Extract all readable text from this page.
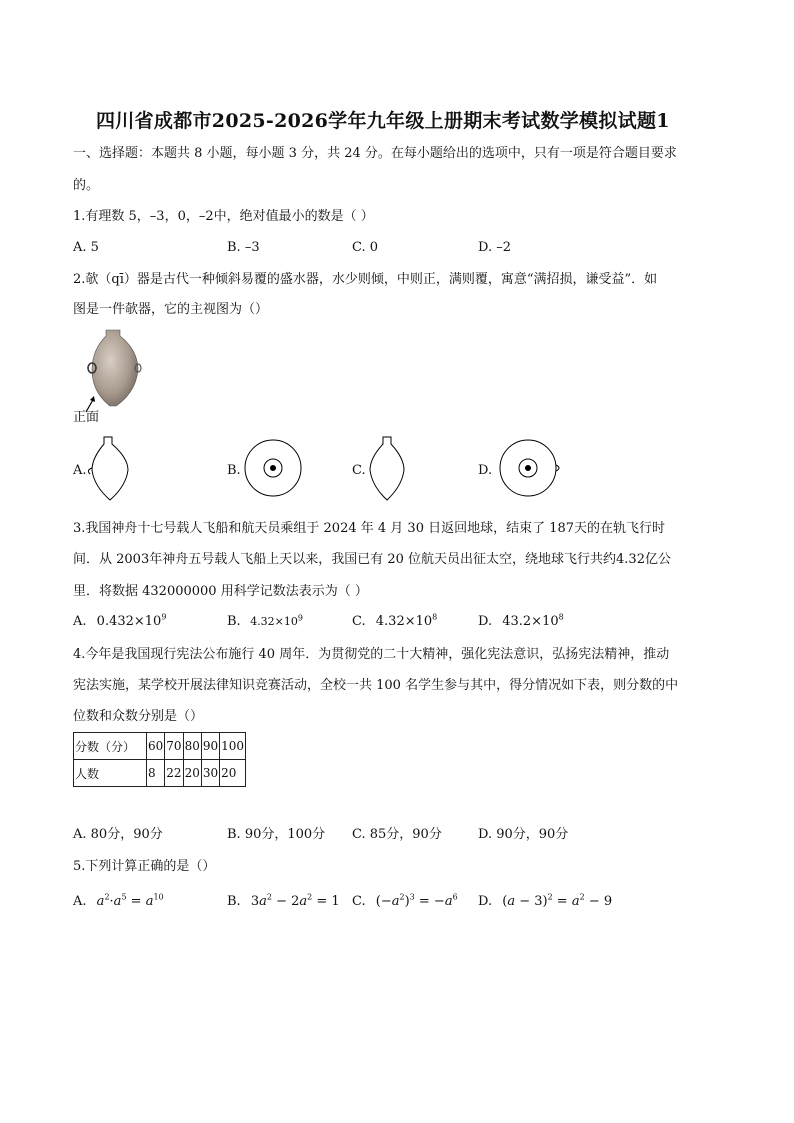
四川省成都市2025-2026学年九年级上册期末考试数学模拟试题1
一、选择题：本题共 8 小题，每小题 3 分，共 24 分。在每小题给出的选项中，只有一项是符合题目要求
的。
1.有理数 5，–3，0，–2中，绝对值最小的数是（ ）
A. 5	B. –3	C. 0	D. –2
2.欹（qī）器是古代一种倾斜易覆的盛水器，水少则倾，中则正，满则覆，寓意“满招损，谦受益”．如
图是一件欹器，它的主视图为（）
正面
A.	B.	C.	D.
3.我国神舟十七号载人飞船和航天员乘组于 2024 年 4 月 30 日返回地球，结束了 187天的在轨飞行时
间．从 2003年神舟五号载人飞船上天以来，我国已有 20 位航天员出征太空，绕地球飞行共约4.32亿公
里．将数据 432000000 用科学记数法表示为（ ）
A. $0.432\times 10^9$	B. $4.32\times 10^9$	C. $4.32\times 10^8$	D. $43.2\times 10^8$
4.今年是我国现行宪法公布施行 40 周年．为贯彻党的二十大精神，强化宪法意识，弘扬宪法精神，推动
宪法实施，某学校开展法律知识竞赛活动，全校一共 100 名学生参与其中，得分情况如下表，则分数的中
位数和众数分别是（）
分数（分）	60	70	80	90	100
人数	8	22	20	30	20
A. 80分，90分	B. 90分，100分 C. 85分，90分	D. 90分，90分
5.下列计算正确的是（）
A. $a^2\cdot a^5 = a^{10}$	B. $3a^2 - 2a^2 = 1$ C. $(-a^2)^3 = -a^6$ D. $(a - 3)^2 = a^2 - 9$
